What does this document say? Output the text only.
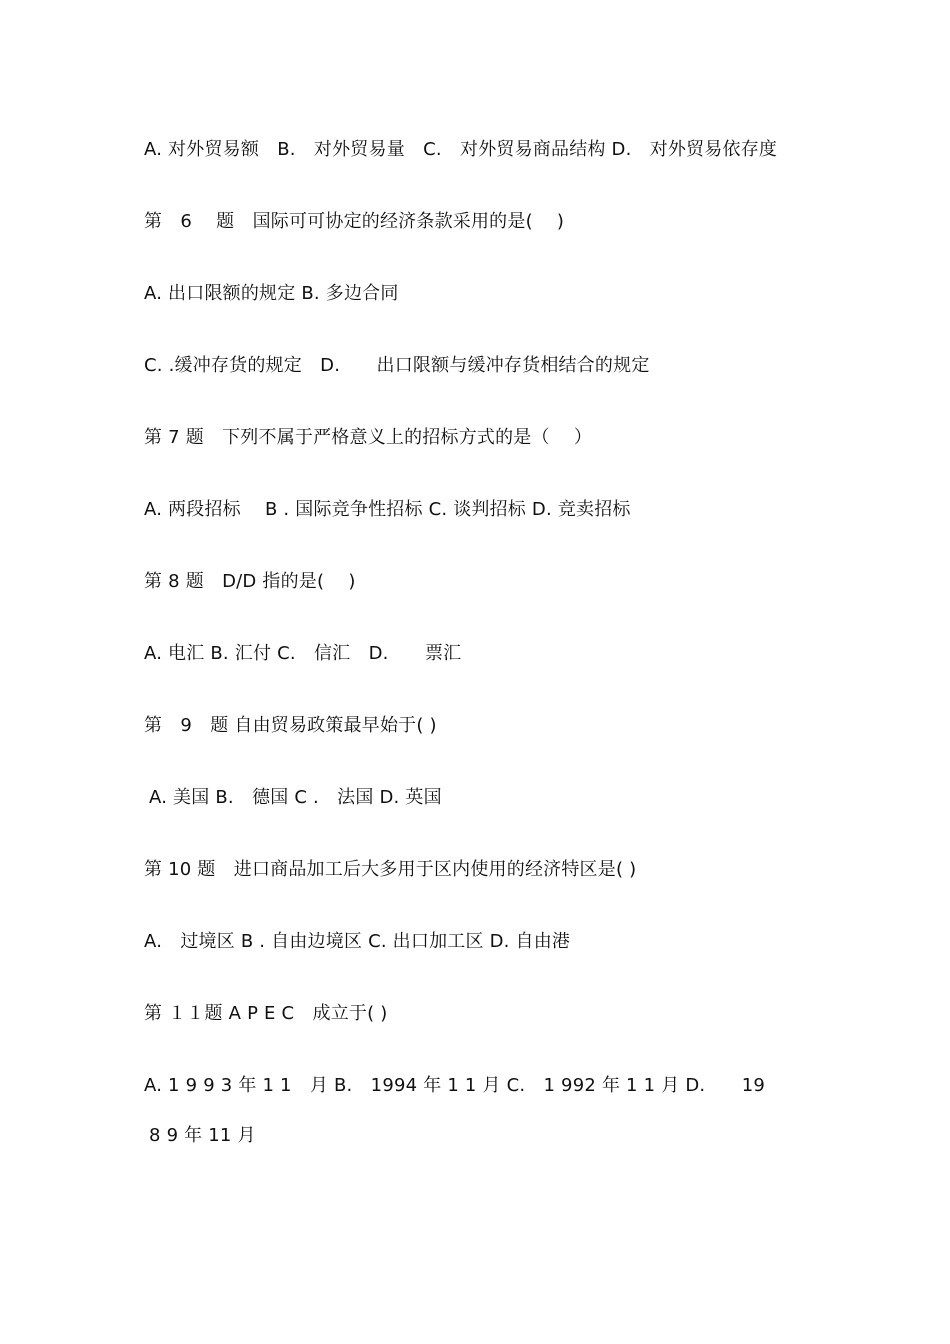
A. 对外贸易额　B.　对外贸易量　C.　对外贸易商品结构 D.　对外贸易依存度
第　6　 题　国际可可协定的经济条款采用的是(　 )
A. 出口限额的规定 B. 多边合同
C. .缓冲存货的规定　D.　　出口限额与缓冲存货相结合的规定
第 7 题　下列不属于严格意义上的招标方式的是（　 ）
A. 两段招标　 B . 国际竞争性招标 C. 谈判招标 D. 竞卖招标
第 8 题　D/D 指的是(　 )
A. 电汇 B. 汇付 C.　信汇　D.　　票汇
第　9　题 自由贸易政策最早始于( )
A. 美国 B.　德国 C .　法国 D. 英国
第 10 题　进口商品加工后大多用于区内使用的经济特区是( )
A.　过境区 B . 自由边境区 C. 出口加工区 D. 自由港
第 １１题 A P E C　成立于( )
A. 1 9 9 3 年 1 1　月 B.　1994 年 1 1 月 C.　1 992 年 1 1 月 D.　　19
8 9 年 11 月
